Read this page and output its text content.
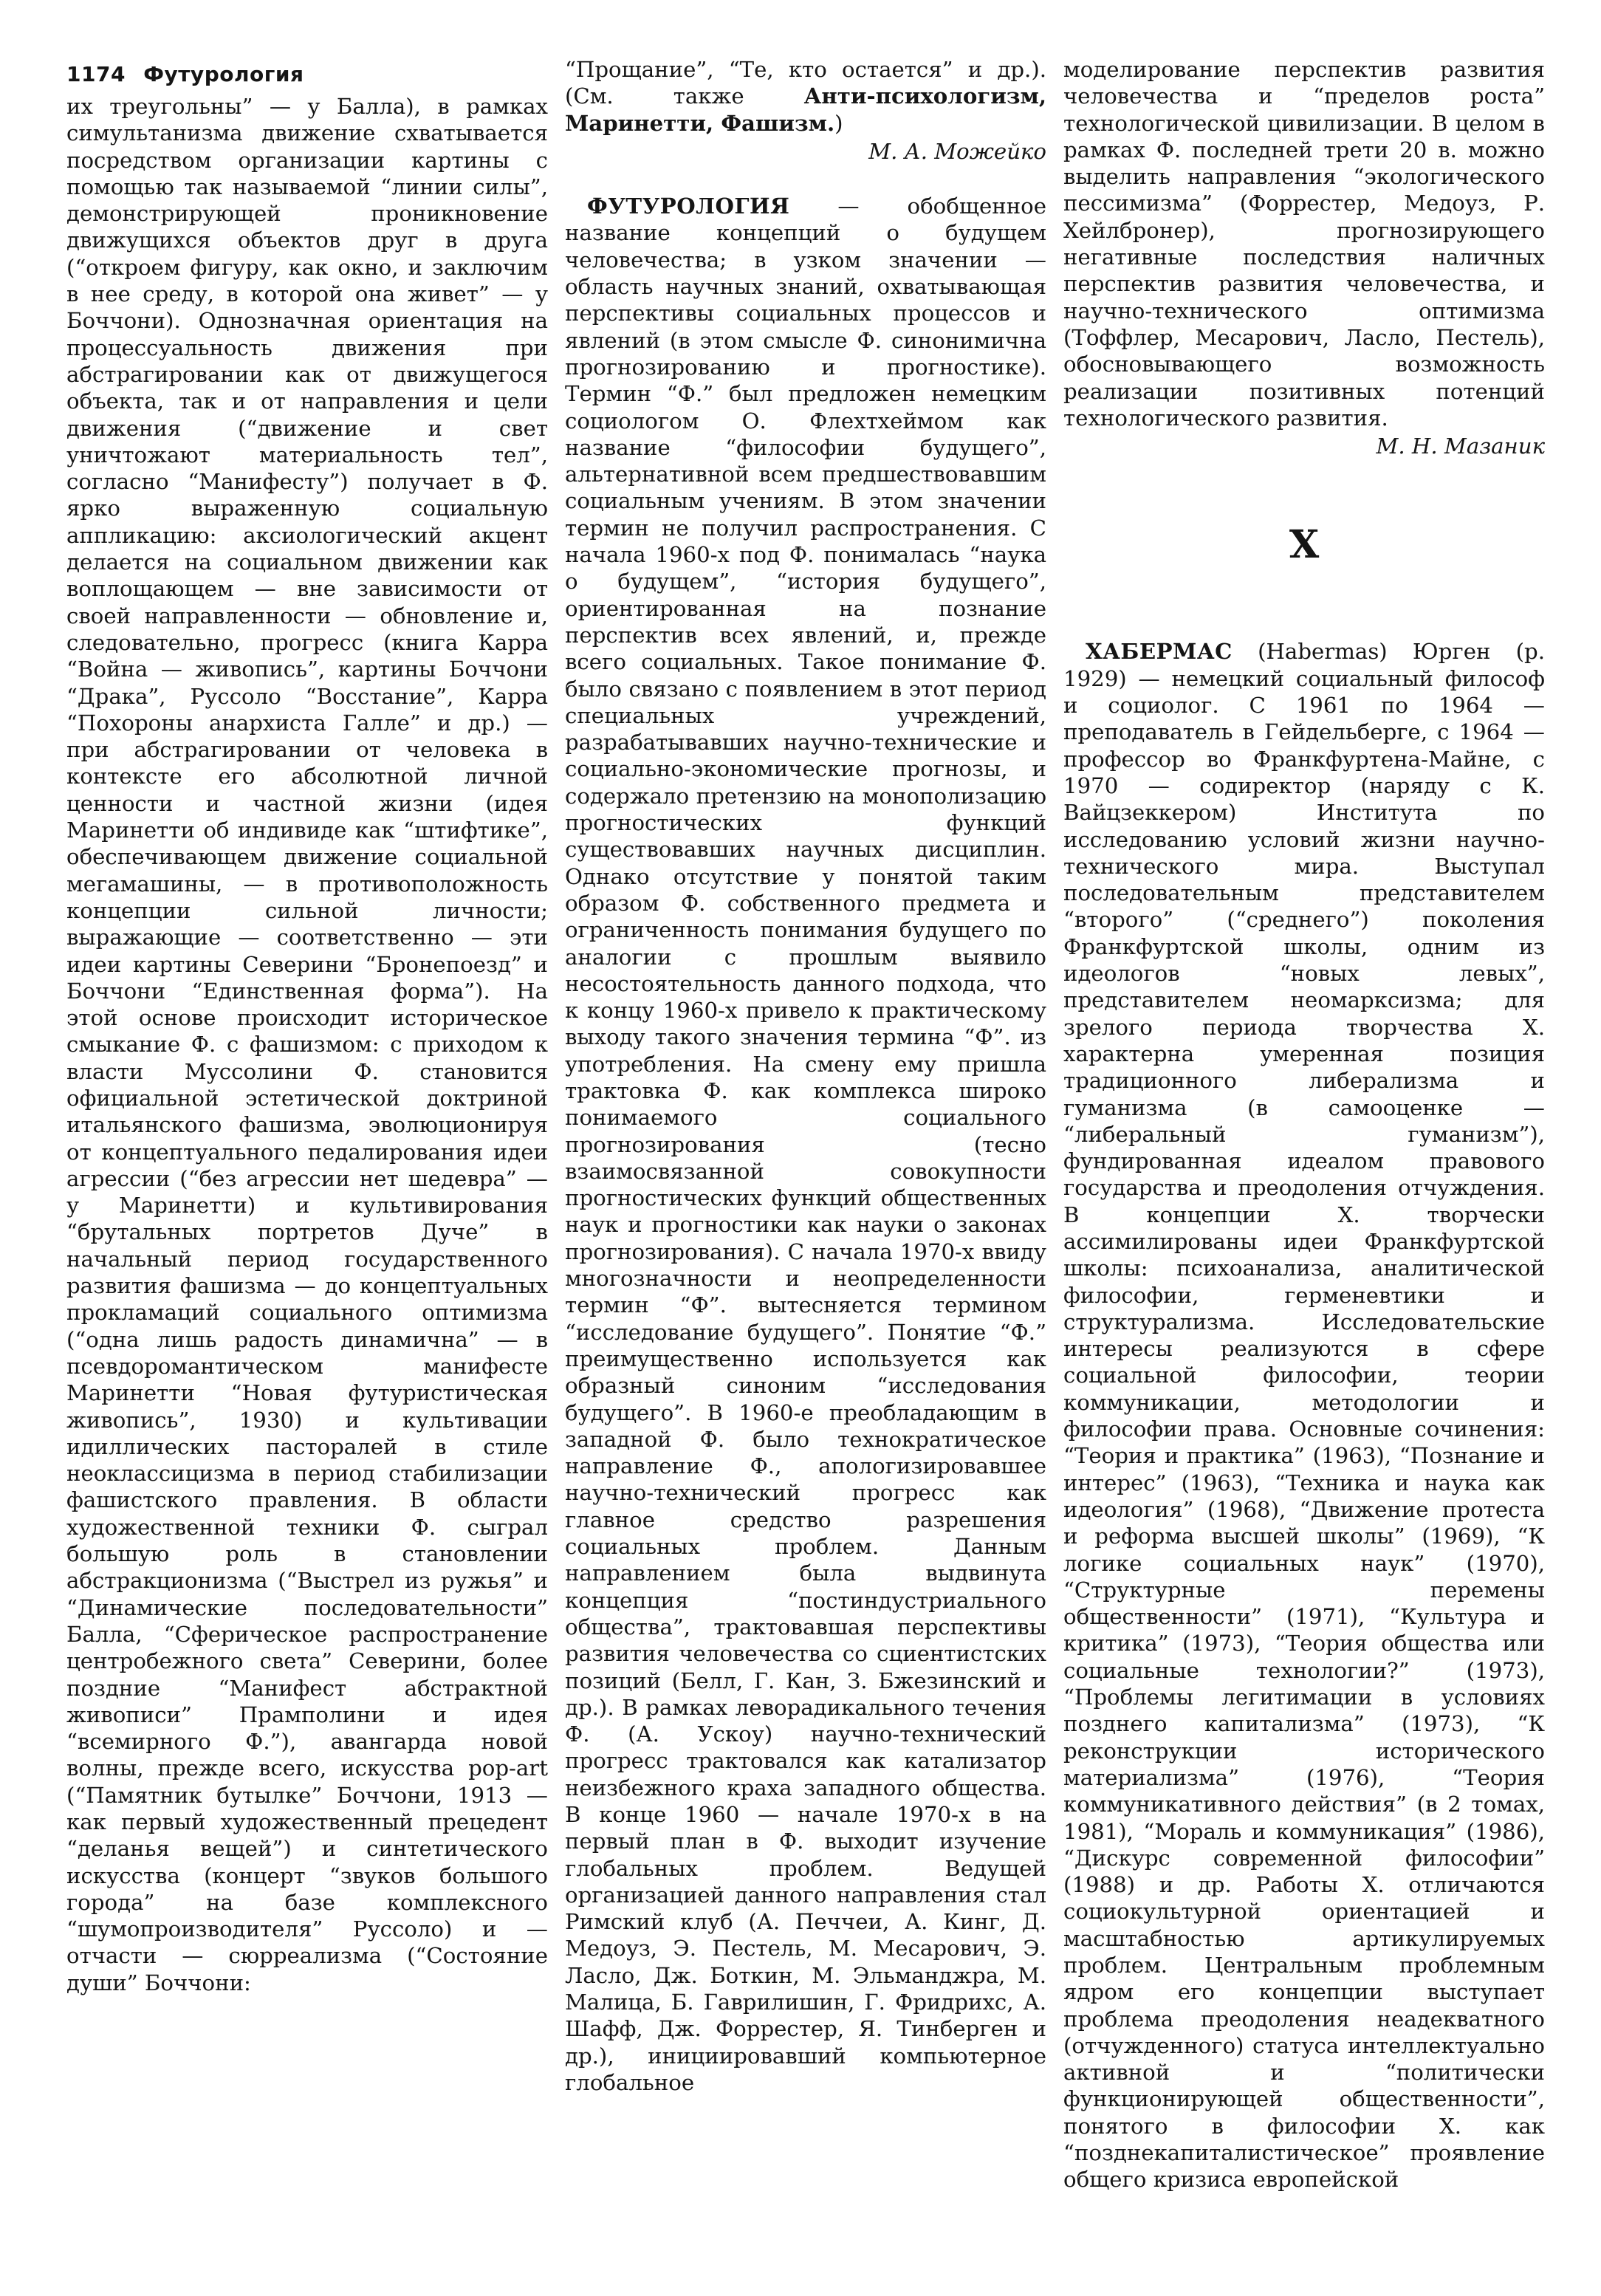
1174 Футурология

их треугольны” — у Балла), в рамках симультанизма движение схватывается посредством организации картины с помощью так называемой “линии силы”, демонстрирующей проникновение движущихся объектов друг в друга (“откроем фигуру, как окно, и заключим в нее среду, в которой она живет” — у Боччони). Однозначная ориентация на процессуальность движения при абстрагировании как от движущегося объекта, так и от направления и цели движения (“движение и свет уничтожают материальность тел”, согласно “Манифесту”) получает в Ф. ярко выраженную социальную аппликацию: аксиологический акцент делается на социальном движении как воплощающем — вне зависимости от своей направленности — обновление и, следовательно, прогресс (книга Карра “Война — живопись”, картины Боччони “Драка”, Руссоло “Восстание”, Карра “Похороны анархиста Галле” и др.) — при абстрагировании от человека в контексте его абсолютной личной ценности и частной жизни (идея Маринетти об индивиде как “штифтике”, обеспечивающем движение социальной мегамашины, — в противоположность концепции сильной личности; выражающие — соответственно — эти идеи картины Северини “Бронепоезд” и Боччони “Единственная форма”). На этой основе происходит историческое смыкание Ф. с фашизмом: с приходом к власти Муссолини Ф. становится официальной эстетической доктриной итальянского фашизма, эволюционируя от концептуального педалирования идеи агрессии (“без агрессии нет шедевра” — у Маринетти) и культивирования “брутальных портретов Дуче” в начальный период государственного развития фашизма — до концептуальных прокламаций социального оптимизма (“одна лишь радость динамична” — в псевдоромантическом манифесте Маринетти “Новая футуристическая живопись”, 1930) и культивации идиллических пасторалей в стиле неоклассицизма в период стабилизации фашистского правления. В области художественной техники Ф. сыграл большую роль в становлении абстракционизма (“Выстрел из ружья” и “Динамические последовательности” Балла, “Сферическое распространение центробежного света” Северини, более поздние “Манифест абстрактной живописи” Прамполини и идея “всемирного Ф.”), авангарда новой волны, прежде всего, искусства pop-art (“Памятник бутылке” Боччони, 1913 — как первый художественный прецедент “деланья вещей”) и синтетического искусства (концерт “звуков большого города” на базе комплексного “шумопроизводителя” Руссоло) и — отчасти — сюрреализма (“Состояние души” Боччони:

“Прощание”, “Те, кто остается” и др.). (См. также	Анти-психологизм, Маринетти, Фашизм.)

М. А. Можейко

ФУТУРОЛОГИЯ — обобщенное название концепций о будущем человечества; в узком значении — область научных знаний, охватывающая перспективы социальных процессов и явлений (в этом смысле Ф. синонимична прогнозированию и прогностике). Термин “Ф.” был предложен немецким социологом О. Флехтхеймом как название “философии будущего”, альтернативной всем предшествовавшим социальным учениям. В этом значении термин не получил распространения. С начала 1960-х под Ф. понималась “наука о будущем”, “история будущего”, ориентированная на познание перспектив всех явлений, и, прежде всего социальных. Такое понимание Ф. было связано с появлением в этот период специальных учреждений, разрабатывавших научно-технические и социально-экономические прогнозы, и содержало претензию на монополизацию прогностических функций существовавших научных дисциплин. Однако отсутствие у понятой таким образом Ф. собственного предмета и ограниченность понимания будущего по аналогии с прошлым выявило несостоятельность данного подхода, что к концу 1960-х привело к практическому выходу такого значения термина “Ф”. из употребления. На смену ему пришла трактовка Ф. как комплекса широко понимаемого социального прогнозирования (тесно взаимосвязанной совокупности прогностических функций общественных наук и прогностики как науки о законах прогнозирования). С начала 1970-х ввиду многозначности и неопределенности термин “Ф”. вытесняется термином “исследование будущего”. Понятие “Ф.” преимущественно используется как образный синоним “исследования будущего”. В 1960-е преобладающим в западной Ф. было технократическое направление Ф., апологизировавшее научно-технический прогресс как главное средство разрешения социальных проблем. Данным направлением была выдвинута концепция “постиндустриального общества”, трактовавшая перспективы развития человечества со сциентистских позиций (Белл, Г. Кан, З. Бжезинский и др.). В рамках леворадикального течения Ф. (А. Ускоу) научно-технический прогресс трактовался как катализатор неизбежного краха западного общества. В конце 1960 — начале 1970-х в на первый план в Ф. выходит изучение глобальных проблем. Ведущей организацией данного направления стал Римский клуб (А. Печчеи, А. Кинг, Д. Медоуз, Э. Пестель, М. Месарович, Э. Ласло, Дж. Боткин, М. Эльманджра, М. Малица, Б. Гаврилишин, Г. Фридрихс, А. Шафф, Дж. Форрестер, Я. Тинберген и др.), инициировавший компьютерное глобальное

моделирование перспектив развития человечества и “пределов роста” технологической цивилизации. В целом в рамках Ф. последней трети 20 в. можно выделить направления “экологического пессимизма” (Форрестер, Медоуз, Р. Хейлбронер), прогнозирующего негативные последствия наличных перспектив развития человечества, и научно-технического оптимизма (Тоффлер, Месарович, Ласло, Пестель), обосновывающего возможность реализации позитивных потенций технологического развития.

М. Н. Мазаник

Х

ХАБЕРМАС (Habermas) Юрген (р. 1929) — немецкий социальный философ и социолог. С 1961 по 1964 — преподаватель в Гейдельберге, с 1964 — профессор во Франкфуртена-Майне, с 1970 — содиректор (наряду с К. Вайцзеккером) Института по исследованию условий жизни научно-технического мира. Выступал последовательным представителем “второго” (“среднего”) поколения Франкфуртской школы, одним из идеологов “новых левых”, представителем неомарксизма; для зрелого периода творчества Х. характерна умеренная позиция традиционного либерализма и гуманизма (в самооценке — “либеральный гуманизм”), фундированная идеалом правового государства и преодоления отчуждения. В концепции Х. творчески ассимилированы идеи Франкфуртской школы: психоанализа, аналитической философии, герменевтики и структурализма. Исследовательские интересы реализуются в сфере социальной философии, теории коммуникации, методологии и философии права. Основные сочинения: “Теория и практика” (1963), “Познание и интерес” (1963), “Техника и наука как идеология” (1968), “Движение протеста и реформа высшей школы” (1969), “К логике социальных наук” (1970), “Структурные перемены общественности” (1971), “Культура и критика” (1973), “Теория общества или социальные технологии?” (1973), “Проблемы легитимации в условиях позднего капитализма” (1973), “К реконструкции исторического материализма” (1976), “Теория коммуникативного действия” (в 2 томах, 1981), “Мораль и коммуникация” (1986), “Дискурс современной философии” (1988) и др. Работы Х. отличаются социокультурной ориентацией и масштабностью артикулируемых проблем. Центральным проблемным ядром его концепции выступает проблема преодоления неадекватного (отчужденного) статуса интеллектуально активной и “политически функционирующей общественности”, понятого в философии Х. как “позднекапиталистическое” проявление общего кризиса европейской
